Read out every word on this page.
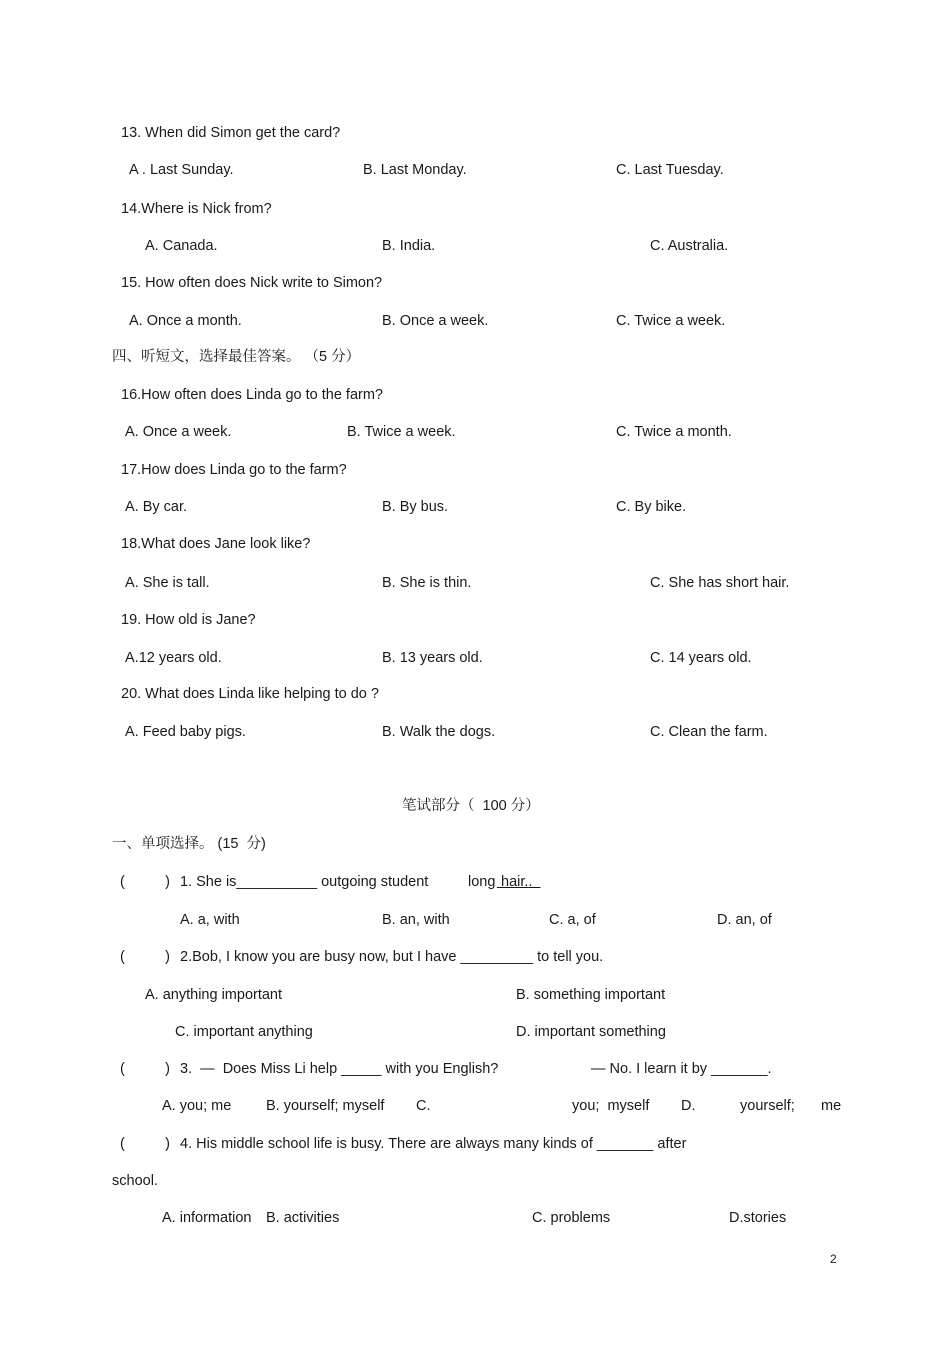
13. When did Simon get the card?
A . Last Sunday.	B. Last Monday.	C. Last Tuesday.
14.Where is Nick from?
A. Canada.	B. India.	C. Australia.
15. How often does Nick write to Simon?
A. Once a month.	B. Once a week.	C. Twice a week.
四、听短文，选择最佳答案。 （5 分）
16.How often does Linda go to the farm?
A. Once a week.	B. Twice a week.	C. Twice a month.
17.How does Linda go to the farm?
A. By car.	B. By bus.	C. By bike.
18.What does Jane look like?
A. She is tall.	B. She is thin.	C. She has short hair.
19. How old is Jane?
A.12 years old.	B. 13 years old.	C. 14 years old.
20. What does Linda like helping to do ?
A. Feed baby pigs.	B. Walk the dogs.	C. Clean the farm.
笔试部分（  100 分）
一、单项选择。 (15  分)
(          ) 1. She is__________ outgoing student	long hair..
A. a, with	B. an, with	C. a, of	D. an, of
(          ) 2.Bob, I know you are busy now, but I have _________ to tell you.
A. anything important	B. something important
C. important anything	D. important something
(          ) 3.  —  Does Miss Li help _____ with you English?	— No. I learn it by _______.
A. you; me B. yourself; myself C.	you;  myself D.	yourself; me
(          ) 4. His middle school life is busy. There are always many kinds of _______ after
school.
A. information B. activities	C. problems	D.stories
2
